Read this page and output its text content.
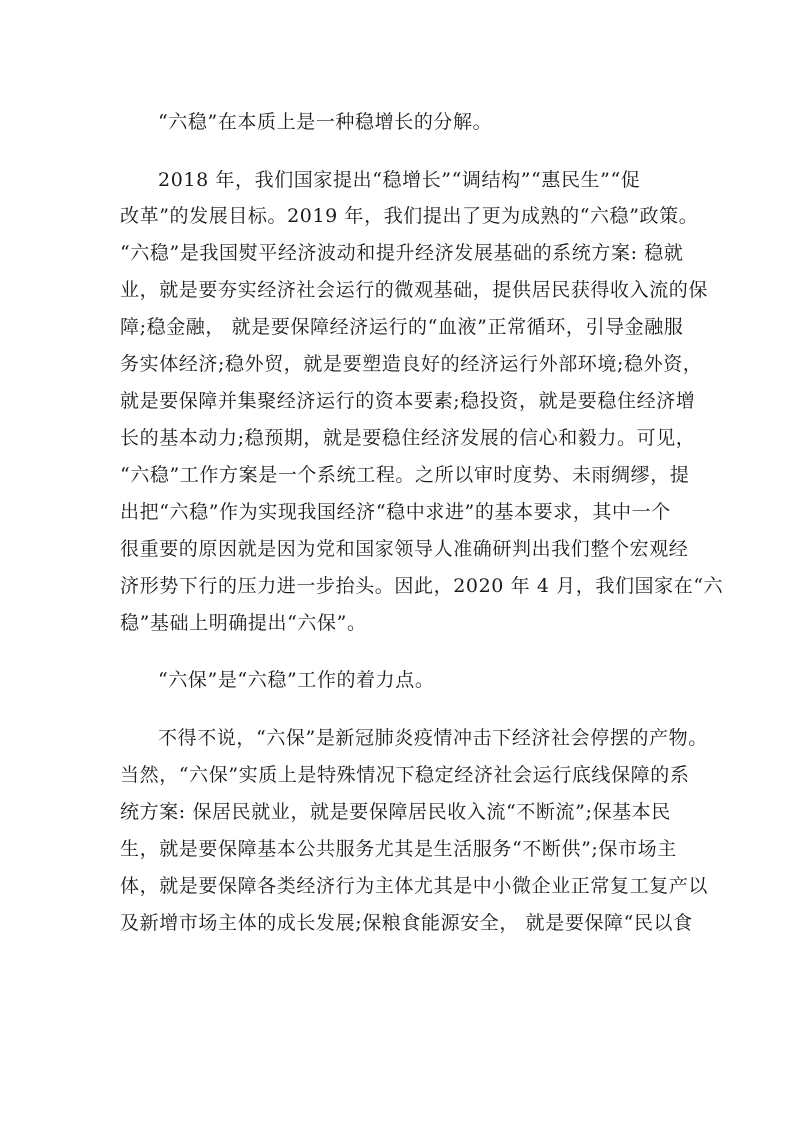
“六稳”在本质上是一种稳增长的分解。
2018 年，我们国家提出“稳增长”“调结构”“惠民生”“促
改革”的发展目标。2019 年，我们提出了更为成熟的“六稳”政策。
“六稳”是我国熨平经济波动和提升经济发展基础的系统方案: 稳就
业，就是要夯实经济社会运行的微观基础，提供居民获得收入流的保
障;稳金融， 就是要保障经济运行的“血液”正常循环，引导金融服
务实体经济;稳外贸，就是要塑造良好的经济运行外部环境;稳外资，
就是要保障并集聚经济运行的资本要素;稳投资，就是要稳住经济增
长的基本动力;稳预期，就是要稳住经济发展的信心和毅力。可见，
“六稳”工作方案是一个系统工程。之所以审时度势、未雨绸缪，提
出把“六稳”作为实现我国经济“稳中求进”的基本要求，其中一个
很重要的原因就是因为党和国家领导人准确研判出我们整个宏观经
济形势下行的压力进一步抬头。因此，2020 年 4 月，我们国家在“六
稳”基础上明确提出“六保”。
“六保”是“六稳”工作的着力点。
不得不说，“六保”是新冠肺炎疫情冲击下经济社会停摆的产物。
当然，“六保”实质上是特殊情况下稳定经济社会运行底线保障的系
统方案: 保居民就业，就是要保障居民收入流“不断流”;保基本民
生，就是要保障基本公共服务尤其是生活服务“不断供”;保市场主
体，就是要保障各类经济行为主体尤其是中小微企业正常复工复产以
及新增市场主体的成长发展;保粮食能源安全， 就是要保障“民以食
